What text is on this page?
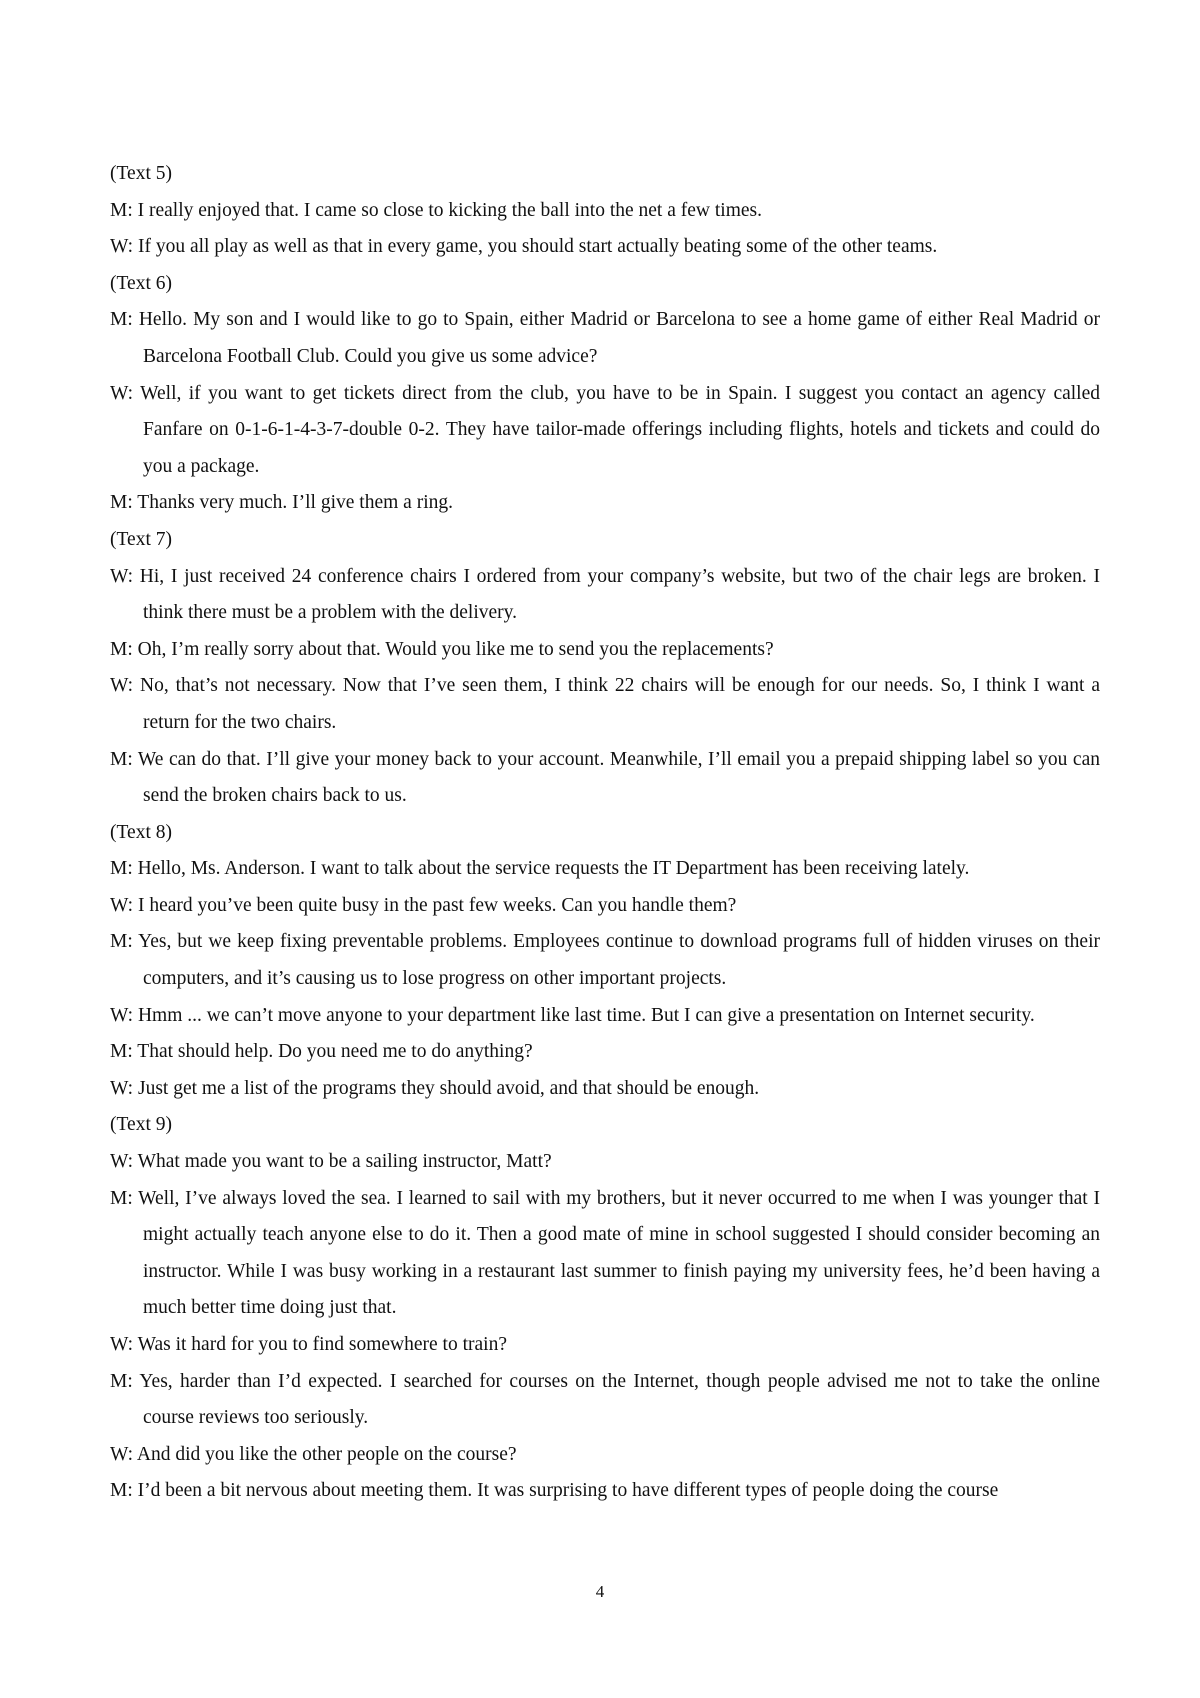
(Text 5)

M: I really enjoyed that. I came so close to kicking the ball into the net a few times.

W: If you all play as well as that in every game, you should start actually beating some of the other teams.

(Text 6)

M: Hello. My son and I would like to go to Spain, either Madrid or Barcelona to see a home game of either Real Madrid or Barcelona Football Club. Could you give us some advice?

W: Well, if you want to get tickets direct from the club, you have to be in Spain. I suggest you contact an agency called Fanfare on 0-1-6-1-4-3-7-double 0-2. They have tailor-made offerings including flights, hotels and tickets and could do you a package.

M: Thanks very much. I’ll give them a ring.

(Text 7)

W: Hi, I just received 24 conference chairs I ordered from your company’s website, but two of the chair legs are broken. I think there must be a problem with the delivery.

M: Oh, I’m really sorry about that. Would you like me to send you the replacements?

W: No, that’s not necessary. Now that I’ve seen them, I think 22 chairs will be enough for our needs. So, I think I want a return for the two chairs.

M: We can do that. I’ll give your money back to your account. Meanwhile, I’ll email you a prepaid shipping label so you can send the broken chairs back to us.

(Text 8)

M: Hello, Ms. Anderson. I want to talk about the service requests the IT Department has been receiving lately.

W: I heard you’ve been quite busy in the past few weeks. Can you handle them?

M: Yes, but we keep fixing preventable problems. Employees continue to download programs full of hidden viruses on their computers, and it’s causing us to lose progress on other important projects.

W: Hmm ... we can’t move anyone to your department like last time. But I can give a presentation on Internet security.

M: That should help. Do you need me to do anything?

W: Just get me a list of the programs they should avoid, and that should be enough.

(Text 9)

W: What made you want to be a sailing instructor, Matt?

M: Well, I’ve always loved the sea. I learned to sail with my brothers, but it never occurred to me when I was younger that I might actually teach anyone else to do it. Then a good mate of mine in school suggested I should consider becoming an instructor. While I was busy working in a restaurant last summer to finish paying my university fees, he’d been having a much better time doing just that.

W: Was it hard for you to find somewhere to train?

M: Yes, harder than I’d expected. I searched for courses on the Internet, though people advised me not to take the online course reviews too seriously.

W: And did you like the other people on the course?

M: I’d been a bit nervous about meeting them. It was surprising to have different types of people doing the course

4
